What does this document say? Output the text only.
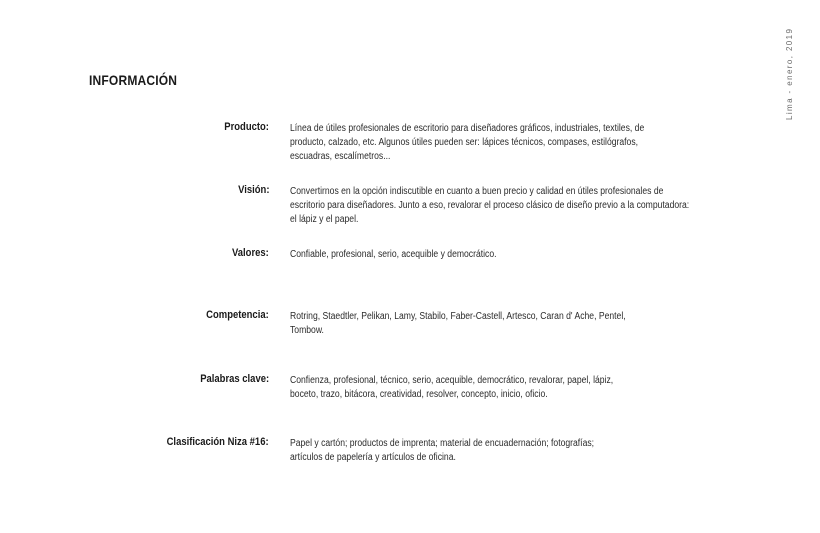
INFORMACIÓN	Lima - enero, 2019
Producto: Línea de útiles profesionales de escritorio para diseñadores gráficos, industriales, textiles, de
producto, calzado, etc. Algunos útiles pueden ser: lápices técnicos, compases, estilógrafos,
escuadras, escalímetros...
Visión: Convertirnos en la opción indiscutible en cuanto a buen precio y calidad en útiles profesionales de
escritorio para diseñadores. Junto a eso, revalorar el proceso clásico de diseño previo a la computadora:
el lápiz y el papel.
Valores: Confiable, profesional, serio, acequible y democrático.
Competencia: Rotring, Staedtler, Pelikan, Lamy, Stabilo, Faber-Castell, Artesco, Caran d' Ache, Pentel,
Tombow.
Palabras clave: Confienza, profesional, técnico, serio, acequible, democrático, revalorar, papel, lápiz,
boceto, trazo, bitácora, creatividad, resolver, concepto, inicio, oficio.
Clasificación Niza #16: Papel y cartón; productos de imprenta; material de encuadernación; fotografías;
artículos de papelería y artículos de oficina.
